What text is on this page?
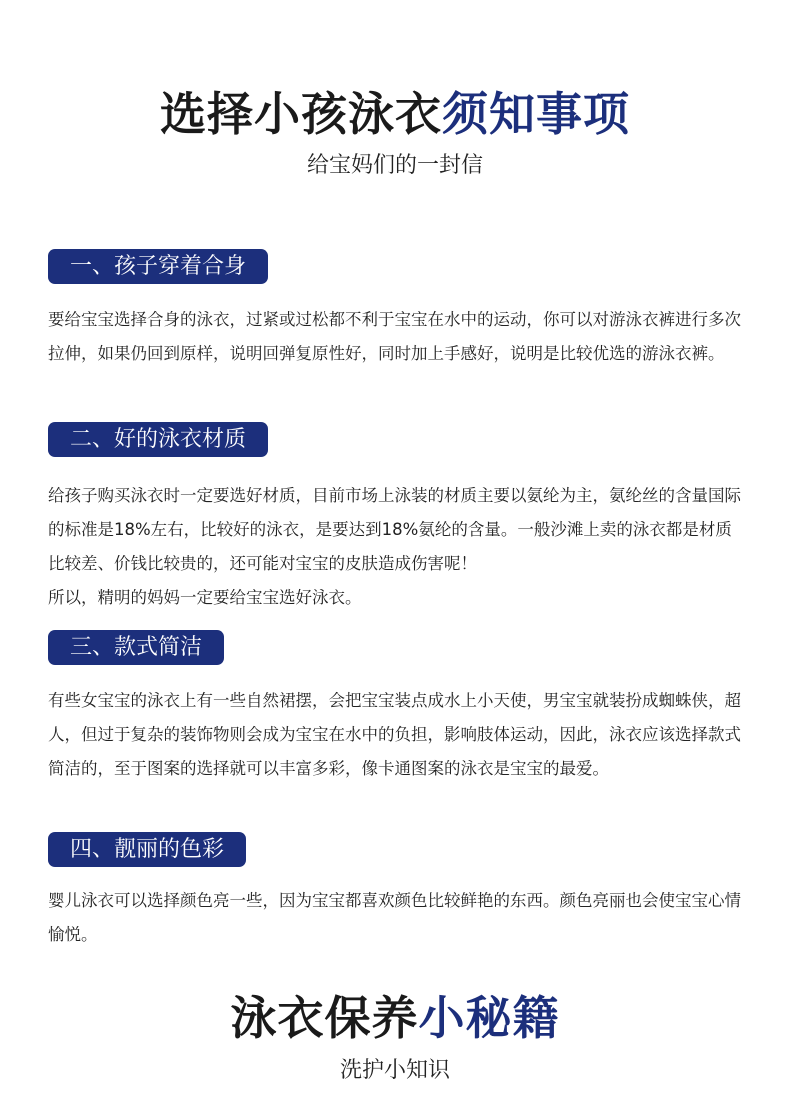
选择小孩泳衣须知事项
给宝妈们的一封信
一、孩子穿着合身

要给宝宝选择合身的泳衣，过紧或过松都不利于宝宝在水中的运动，你可以对游泳衣裤进行多次拉伸，如果仍回到原样，说明回弹复原性好，同时加上手感好，说明是比较优选的游泳衣裤。

二、好的泳衣材质

给孩子购买泳衣时一定要选好材质，目前市场上泳装的材质主要以氨纶为主，氨纶丝的含量国际的标准是18%左右，比较好的泳衣，是要达到18%氨纶的含量。一般沙滩上卖的泳衣都是材质比较差、价钱比较贵的，还可能对宝宝的皮肤造成伤害呢！

所以，精明的妈妈一定要给宝宝选好泳衣。

三、款式简洁

有些女宝宝的泳衣上有一些自然裙摆，会把宝宝装点成水上小天使，男宝宝就装扮成蜘蛛侠，超人，但过于复杂的装饰物则会成为宝宝在水中的负担，影响肢体运动，因此，泳衣应该选择款式简洁的，至于图案的选择就可以丰富多彩，像卡通图案的泳衣是宝宝的最爱。

四、靓丽的色彩

婴儿泳衣可以选择颜色亮一些，因为宝宝都喜欢颜色比较鲜艳的东西。颜色亮丽也会使宝宝心情愉悦。

泳衣保养小秘籍
洗护小知识
